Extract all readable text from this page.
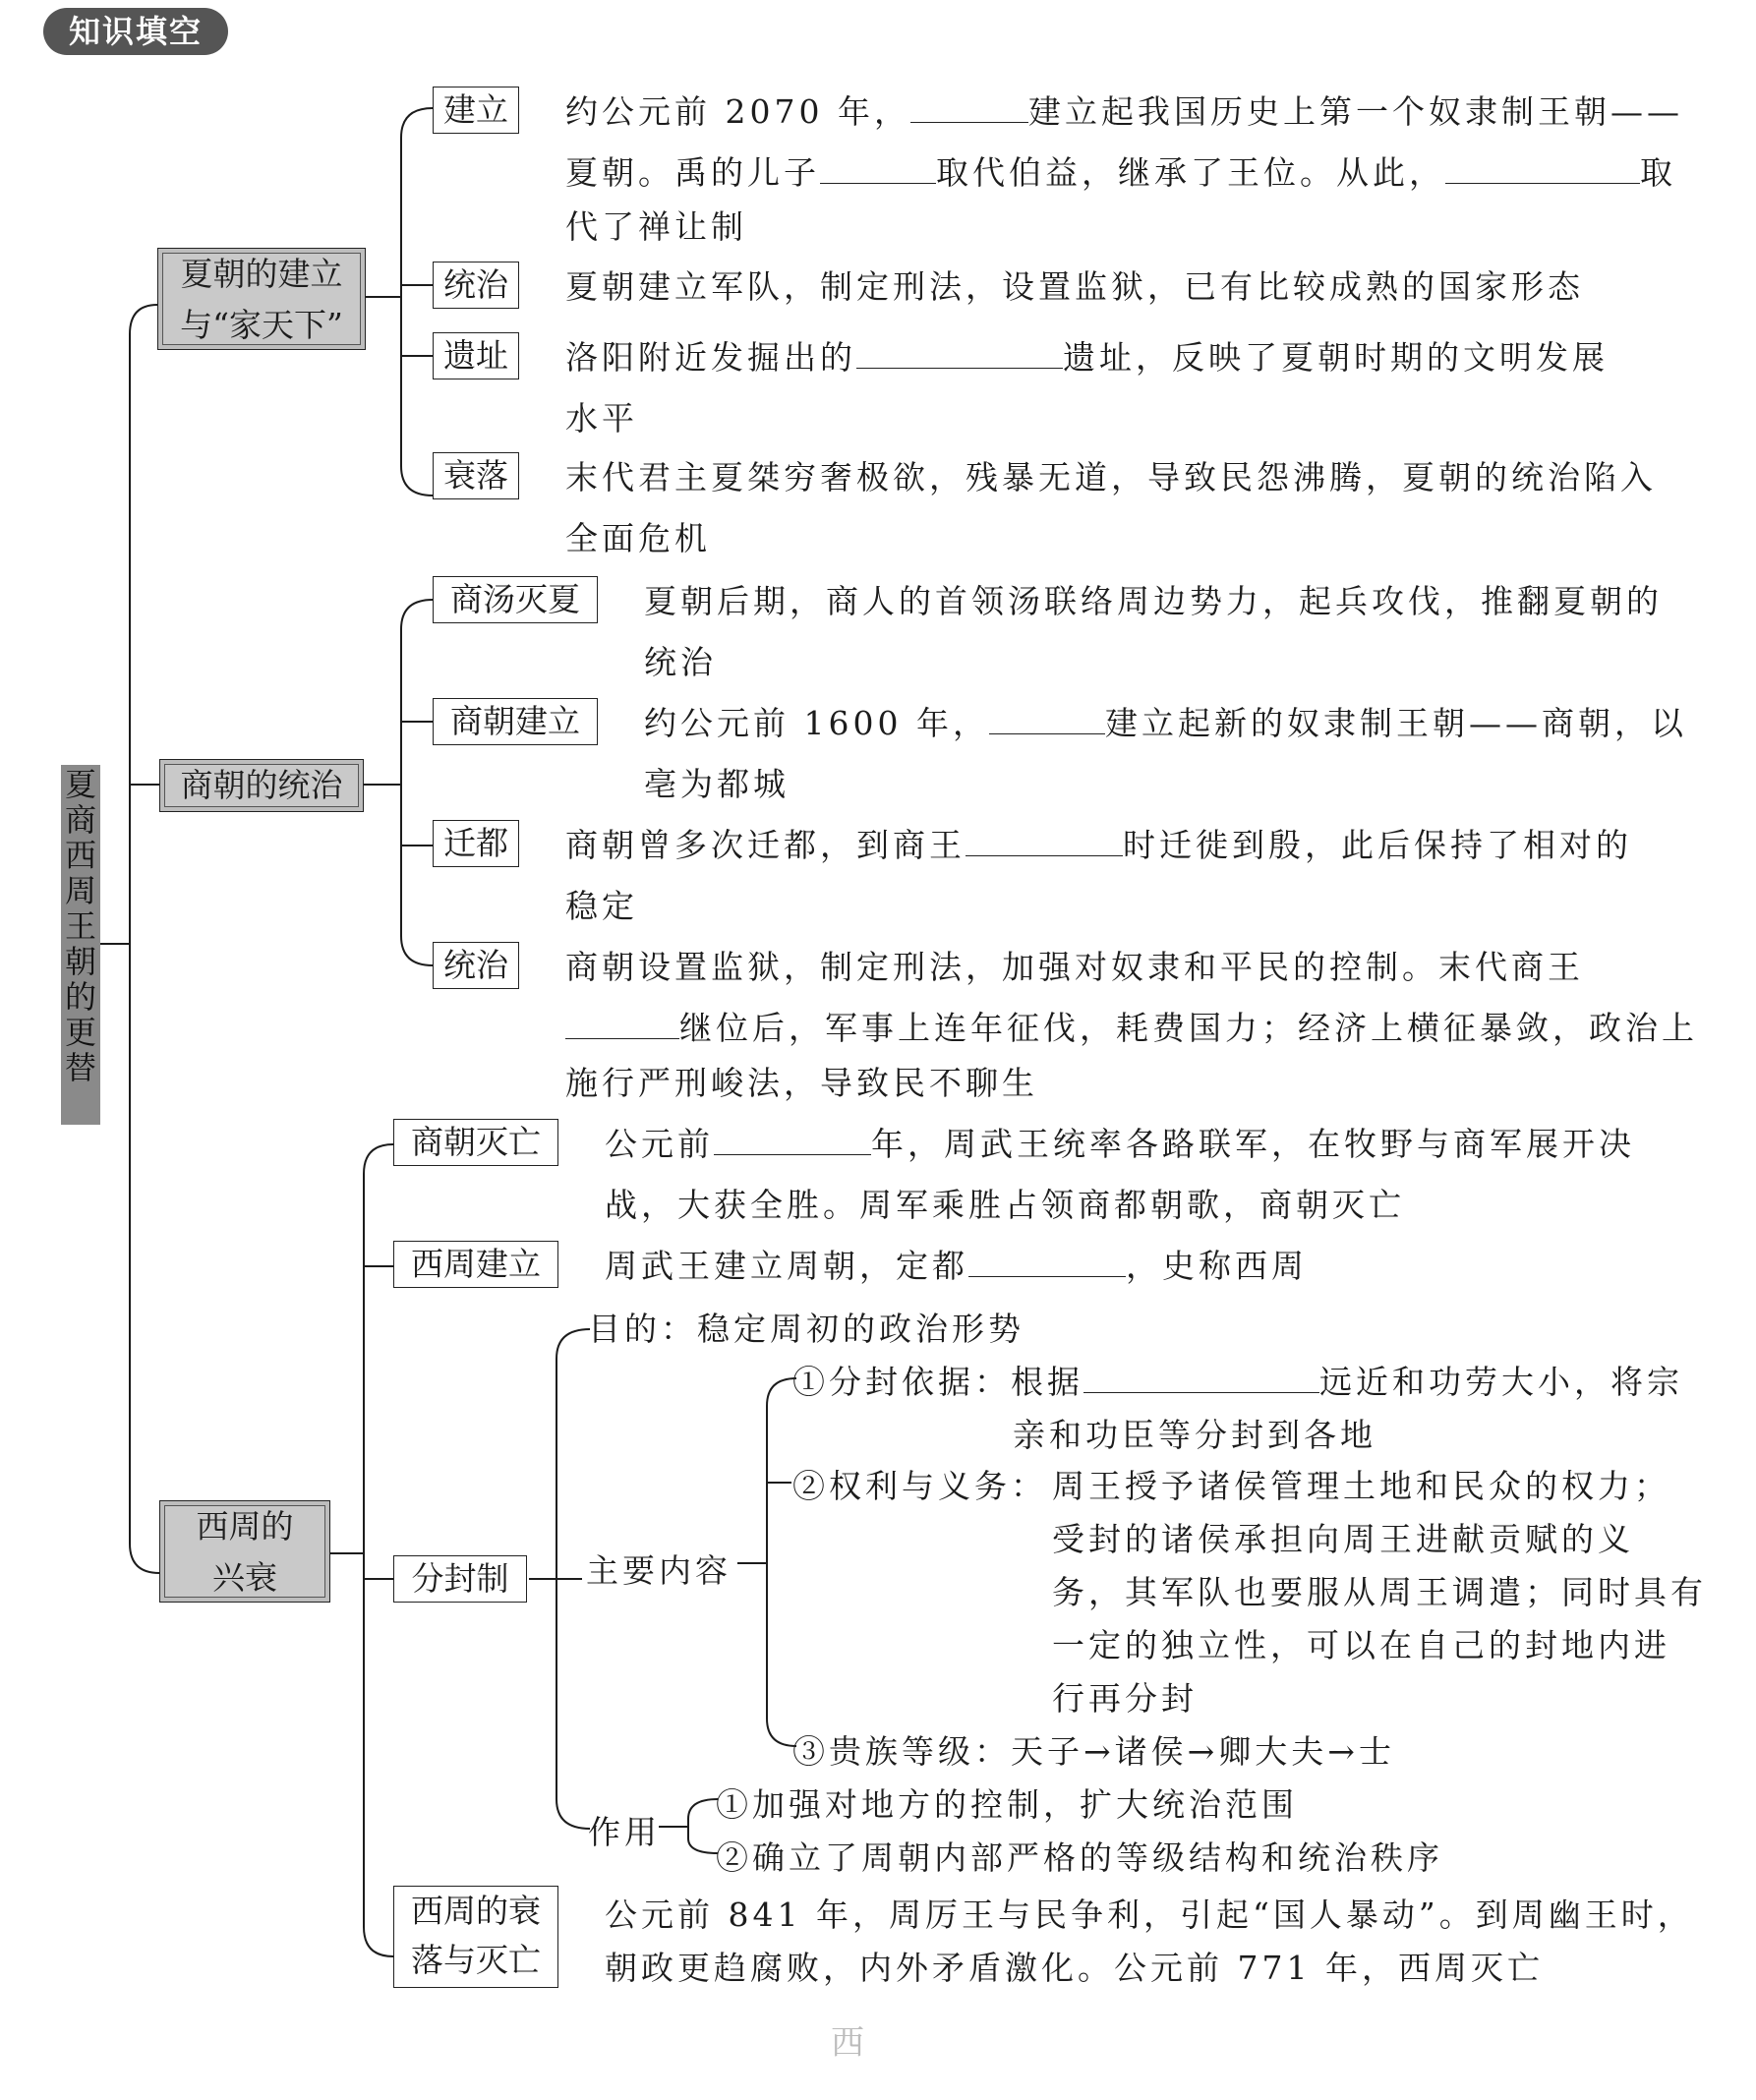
知识填空
夏
商
西
周
王
朝
的
更
替
夏朝的建立
与“家天下”
建立	约公元前 2070 年，	建立起我国历史上第一个奴隶制王朝——
夏朝。禹的儿子	取代伯益，继承了王位。从此，	取
代了禅让制
统治	夏朝建立军队，制定刑法，设置监狱，已有比较成熟的国家形态
遗址	洛阳附近发掘出的	遗址，反映了夏朝时期的文明发展
水平
衰落	末代君主夏桀穷奢极欲，残暴无道，导致民怨沸腾，夏朝的统治陷入
全面危机
商朝的统治
商汤灭夏	夏朝后期，商人的首领汤联络周边势力，起兵攻伐，推翻夏朝的
统治
商朝建立	约公元前 1600 年，	建立起新的奴隶制王朝——商朝，以
亳为都城
迁都	商朝曾多次迁都，到商王	时迁徙到殷，此后保持了相对的
稳定
统治	商朝设置监狱，制定刑法，加强对奴隶和平民的控制。末代商王
继位后，军事上连年征伐，耗费国力；经济上横征暴敛，政治上
施行严刑峻法，导致民不聊生
西周的
兴衰
商朝灭亡	公元前	年，周武王统率各路联军，在牧野与商军展开决
战，大获全胜。周军乘胜占领商都朝歌，商朝灭亡
西周建立	周武王建立周朝，定都	，史称西周
目的：稳定周初的政治形势
分封制	主要内容
①分封依据：根据	远近和功劳大小，将宗
亲和功臣等分封到各地
②权利与义务： 周王授予诸侯管理土地和民众的权力；
受封的诸侯承担向周王进献贡赋的义
务，其军队也要服从周王调遣；同时具有
一定的独立性，可以在自己的封地内进
行再分封
③贵族等级：天子→诸侯→卿大夫→士
作用
①加强对地方的控制，扩大统治范围
②确立了周朝内部严格的等级结构和统治秩序
西周的衰
落与灭亡
公元前 841 年，周厉王与民争利，引起“国人暴动”。到周幽王时，
朝政更趋腐败，内外矛盾激化。公元前 771 年，西周灭亡
西
